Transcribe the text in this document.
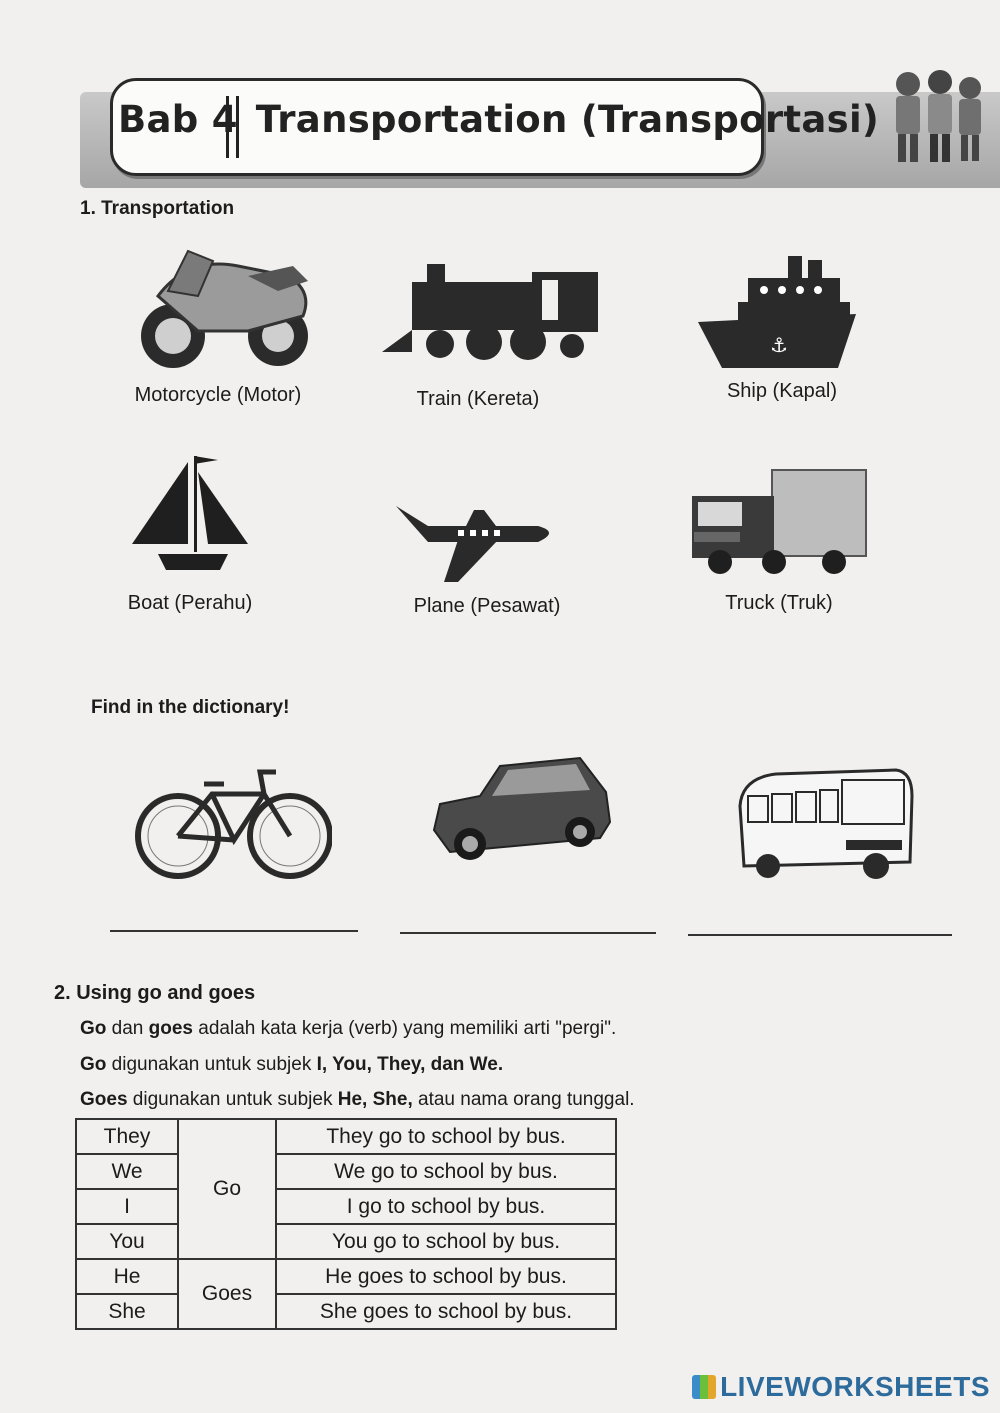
Bab 4 Transportation (Transportasi)
1. Transportation
⚓
Motorcycle (Motor)	Train (Kereta)	Ship (Kapal)
Boat (Perahu)	Plane (Pesawat)	Truck (Truk)
Find in the dictionary!
2. Using go and goes
Go dan goes adalah kata kerja (verb) yang memiliki arti "pergi".
Go digunakan untuk subjek I, You, They, dan We.
Goes digunakan untuk subjek He, She, atau nama orang tunggal.
They	Go	They go to school by bus.
We		We go to school by bus.
I		I go to school by bus.
You		You go to school by bus.
He	Goes	He goes to school by bus.
She		She goes to school by bus.
LIVEWORKSHEETS
